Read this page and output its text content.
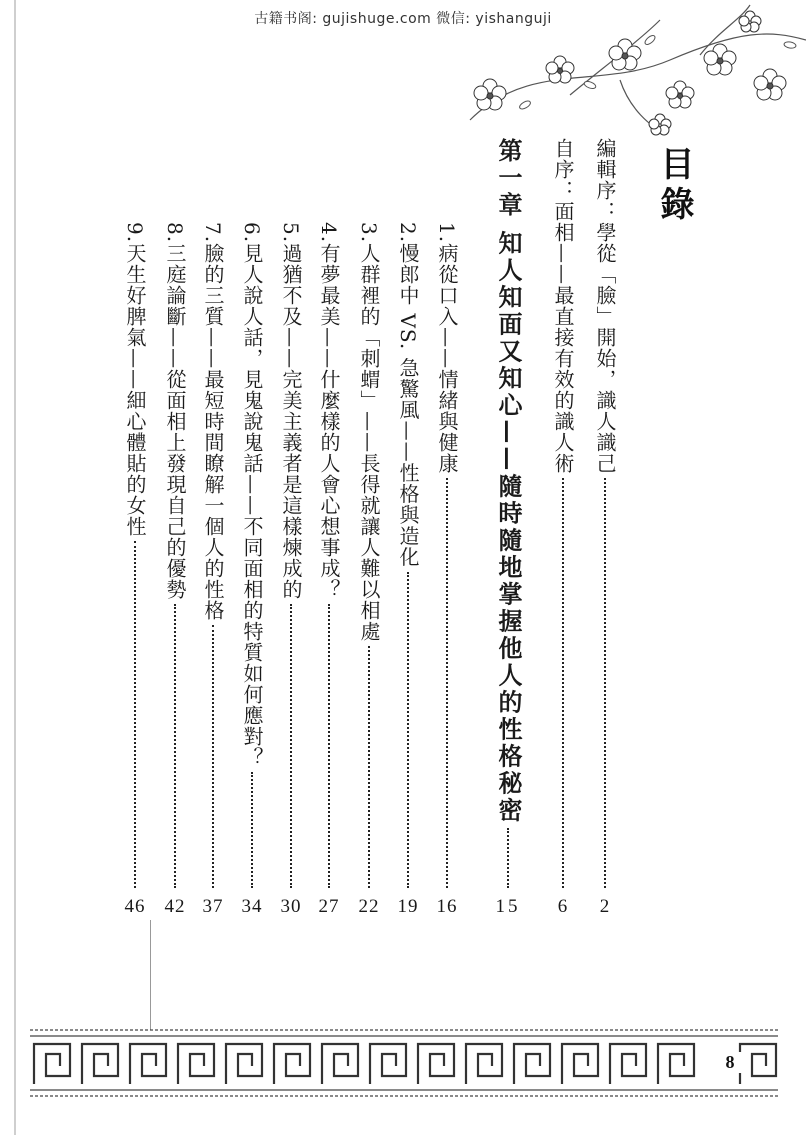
古籍书阁: gujishuge.com 微信: yishanguji
目錄
編輯序：學從「臉」開始，識人識己
2
自序：面相——最直接有效的識人術
6
第一章 知人知面又知心——隨時隨地掌握他人的性格秘密
15
1.病從口入——情緒與健康
16
2.慢郎中 VS. 急驚風——性格與造化
19
3.人群裡的「刺蝟」——長得就讓人難以相處
22
4.有夢最美——什麼樣的人會心想事成？
27
5.過猶不及——完美主義者是這樣煉成的
30
6.見人說人話，見鬼說鬼話——不同面相的特質如何應對？
34
7.臉的三質——最短時間瞭解一個人的性格
37
8.三庭論斷——從面相上發現自己的優勢
42
9.天生好脾氣——細心體貼的女性
46
8
